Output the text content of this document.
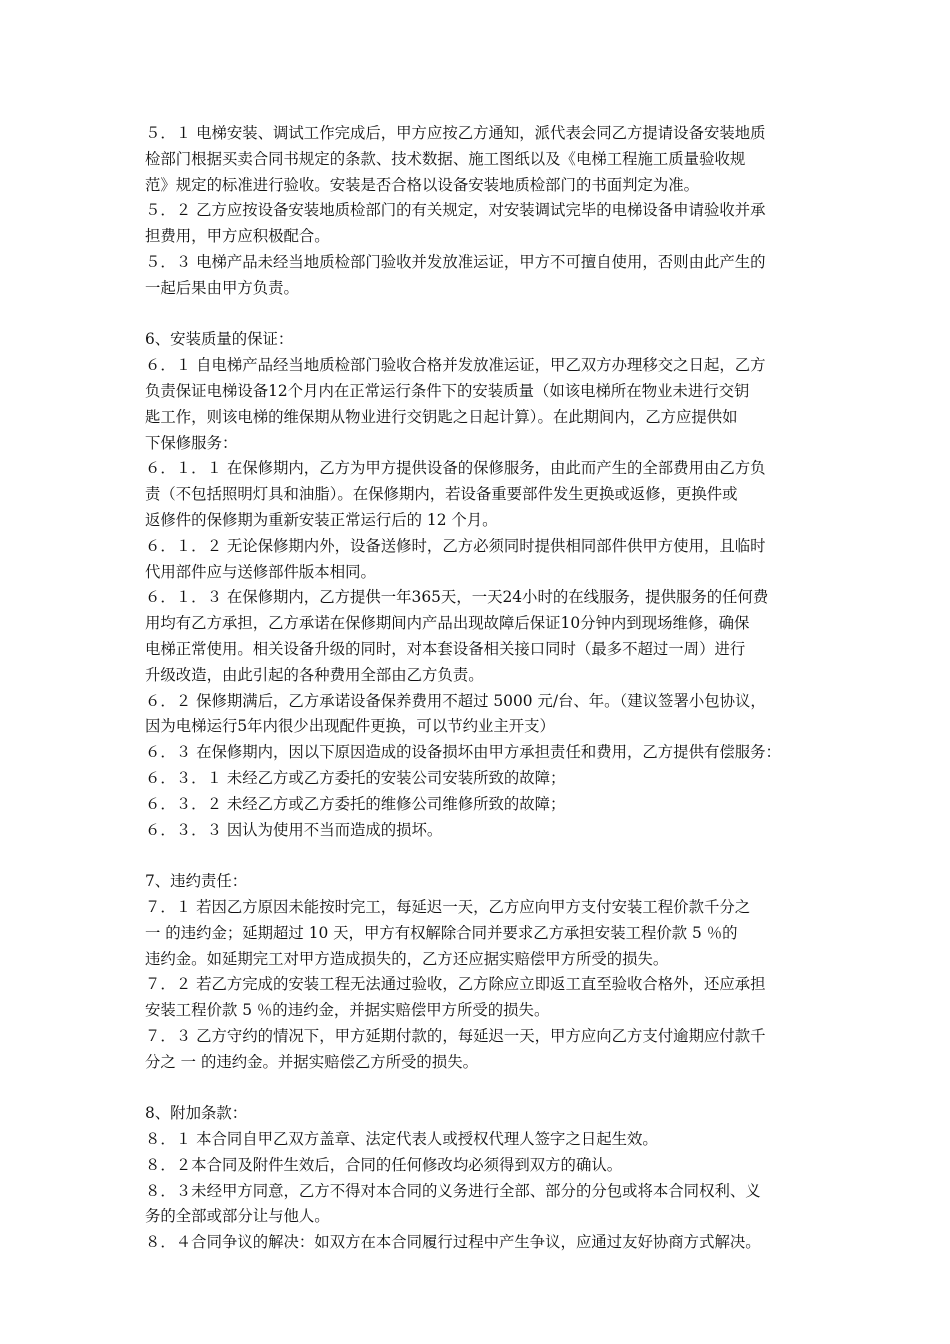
５．１ 电梯安装、调试工作完成后，甲方应按乙方通知，派代表会同乙方提请设备安装地质
检部门根据买卖合同书规定的条款、技术数据、施工图纸以及《电梯工程施工质量验收规
范》规定的标准进行验收。安装是否合格以设备安装地质检部门的书面判定为准。
５．２ 乙方应按设备安装地质检部门的有关规定，对安装调试完毕的电梯设备申请验收并承
担费用，甲方应积极配合。
５．３ 电梯产品未经当地质检部门验收并发放准运证，甲方不可擅自使用，否则由此产生的
一起后果由甲方负责。
6、安装质量的保证：
６．１ 自电梯产品经当地质检部门验收合格并发放准运证，甲乙双方办理移交之日起，乙方
负责保证电梯设备12个月内在正常运行条件下的安装质量（如该电梯所在物业未进行交钥
匙工作，则该电梯的维保期从物业进行交钥匙之日起计算）。在此期间内，乙方应提供如
下保修服务：
６．１．１ 在保修期内，乙方为甲方提供设备的保修服务，由此而产生的全部费用由乙方负
责（不包括照明灯具和油脂）。在保修期内，若设备重要部件发生更换或返修，更换件或
返修件的保修期为重新安装正常运行后的 12 个月。
６．１．２ 无论保修期内外，设备送修时，乙方必须同时提供相同部件供甲方使用，且临时
代用部件应与送修部件版本相同。
６．１．３ 在保修期内，乙方提供一年365天，一天24小时的在线服务，提供服务的任何费
用均有乙方承担，乙方承诺在保修期间内产品出现故障后保证10分钟内到现场维修，确保
电梯正常使用。相关设备升级的同时，对本套设备相关接口同时（最多不超过一周）进行
升级改造，由此引起的各种费用全部由乙方负责。
６．２ 保修期满后，乙方承诺设备保养费用不超过 5000 元/台、年。（建议签署小包协议，
因为电梯运行5年内很少出现配件更换，可以节约业主开支）
６．３ 在保修期内，因以下原因造成的设备损坏由甲方承担责任和费用，乙方提供有偿服务：
６．３．１ 未经乙方或乙方委托的安装公司安装所致的故障；
６．３．２ 未经乙方或乙方委托的维修公司维修所致的故障；
６．３．３ 因认为使用不当而造成的损坏。
7、违约责任：
７．１ 若因乙方原因未能按时完工，每延迟一天，乙方应向甲方支付安装工程价款千分之
一 的违约金；延期超过 10 天，甲方有权解除合同并要求乙方承担安装工程价款 5 ％的
违约金。如延期完工对甲方造成损失的，乙方还应据实赔偿甲方所受的损失。
７．２ 若乙方完成的安装工程无法通过验收，乙方除应立即返工直至验收合格外，还应承担
安装工程价款 5 ％的违约金，并据实赔偿甲方所受的损失。
７．３ 乙方守约的情况下，甲方延期付款的，每延迟一天，甲方应向乙方支付逾期应付款千
分之 一 的违约金。并据实赔偿乙方所受的损失。
8、附加条款：
８．１ 本合同自甲乙双方盖章、法定代表人或授权代理人签字之日起生效。
８．２本合同及附件生效后，合同的任何修改均必须得到双方的确认。
８．３未经甲方同意，乙方不得对本合同的义务进行全部、部分的分包或将本合同权利、义
务的全部或部分让与他人。
８．４合同争议的解决：如双方在本合同履行过程中产生争议，应通过友好协商方式解决。
